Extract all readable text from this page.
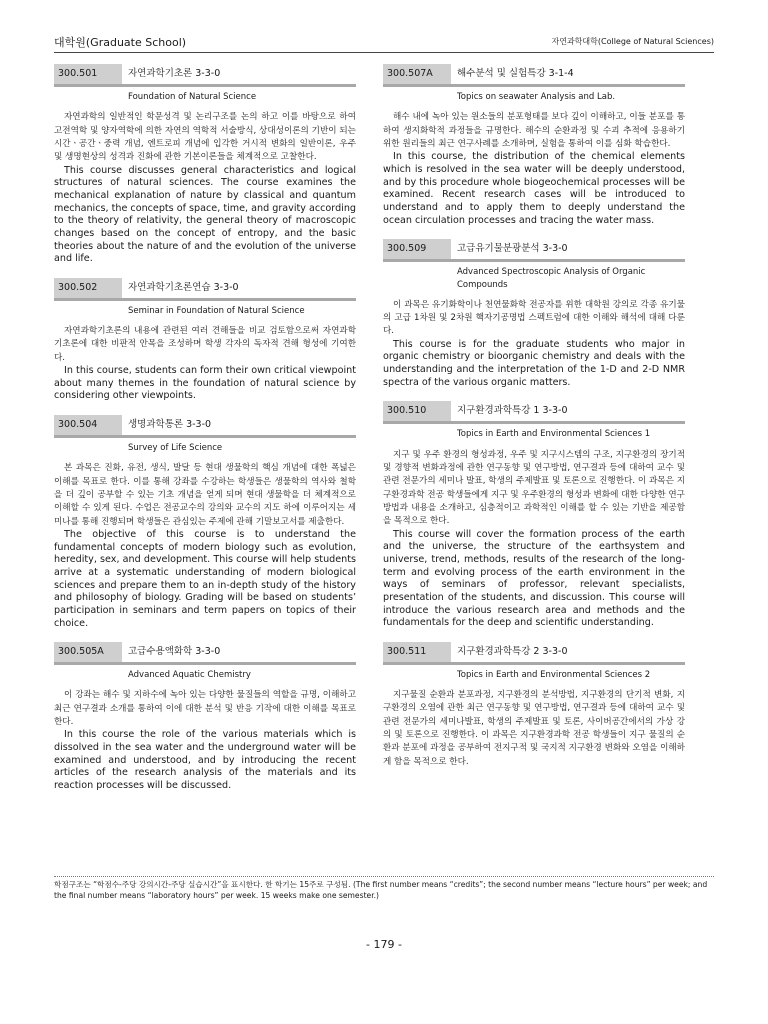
대학원(Graduate School)	자연과학대학(College of Natural Sciences)
300.501	자연과학기초론 3-3-0
Foundation of Natural Science

자연과학의 일반적인 학문성격 및 논리구조를 논의 하고 이를 바탕으로 하여 고전역학 및 양자역학에 의한 자연의 역학적 서술방식, 상대성이론의 기반이 되는 시간ㆍ공간ㆍ중력 개념, 엔트로피 개념에 입각한 거시적 변화의 일반이론, 우주 및 생명현상의 성격과 진화에 관한 기본이론들을 체계적으로 고찰한다.

This course discusses general characteristics and logical structures of natural sciences. The course examines the mechanical explanation of nature by classical and quantum mechanics, the concepts of space, time, and gravity according to the theory of relativity, the general theory of macroscopic changes based on the concept of entropy, and the basic theories about the nature of and the evolution of the universe and life.

300.502	자연과학기초론연습 3-3-0
Seminar in Foundation of Natural Science

자연과학기초론의 내용에 관련된 여러 견해들을 비교 검토함으로써 자연과학기초론에 대한 비판적 안목을 조성하며 학생 각자의 독자적 견해 형성에 기여한다.

In this course, students can form their own critical viewpoint about many themes in the foundation of natural science by considering other viewpoints.

300.504	생명과학통론 3-3-0
Survey of Life Science

본 과목은 진화, 유전, 생식, 발달 등 현대 생물학의 핵심 개념에 대한 폭넓은 이해를 목표로 한다. 이를 통해 강좌를 수강하는 학생들은 생물학의 역사와 철학을 더 깊이 공부할 수 있는 기초 개념을 얻게 되며 현대 생물학을 더 체계적으로 이해할 수 있게 된다. 수업은 전공교수의 강의와 교수의 지도 하에 이루어지는 세미나를 통해 진행되며 학생들은 관심있는 주제에 관해 기말보고서를 제출한다.

The objective of this course is to understand the fundamental concepts of modern biology such as evolution, heredity, sex, and development. This course will help students arrive at a systematic understanding of modern biological sciences and prepare them to an in-depth study of the history and philosophy of biology. Grading will be based on students’ participation in seminars and term papers on topics of their choice.

300.505A	고급수용액화학 3-3-0
Advanced Aquatic Chemistry

이 강좌는 해수 및 지하수에 녹아 있는 다양한 물질들의 역할을 규명, 이해하고 최근 연구결과 소개를 통하여 이에 대한 분석 및 반응 기작에 대한 이해를 목표로 한다.

In this course the role of the various materials which is dissolved in the sea water and the underground water will be examined and understood, and by introducing the recent articles of the research analysis of the materials and its reaction processes will be discussed.

300.507A	해수분석 및 실험특강 3-1-4
Topics on seawater Analysis and Lab.

해수 내에 녹아 있는 원소들의 분포형태를 보다 깊이 이해하고, 이들 분포를 통하여 생지화학적 과정들을 규명한다. 해수의 순환과정 및 수괴 추적에 응용하기 위한 원리들의 최근 연구사례를 소개하며, 실험을 통하여 이를 심화 학습한다.

In this course, the distribution of the chemical elements which is resolved in the sea water will be deeply understood, and by this procedure whole biogeochemical processes will be examined. Recent research cases will be introduced to understand and to apply them to deeply understand the ocean circulation processes and tracing the water mass.

300.509	고급유기물분광분석 3-3-0
Advanced Spectroscopic Analysis of Organic Compounds

이 과목은 유기화학이나 천연물화학 전공자를 위한 대학원 강의로 각종 유기물의 고급 1차원 및 2차원 핵자기공명법 스펙트럼에 대한 이해와 해석에 대해 다룬다.

This course is for the graduate students who major in organic chemistry or bioorganic chemistry and deals with the understanding and the interpretation of the 1-D and 2-D NMR spectra of the various organic matters.

300.510	지구환경과학특강 1 3-3-0
Topics in Earth and Environmental Sciences 1

지구 및 우주 환경의 형성과정, 우주 및 지구시스템의 구조, 지구환경의 장기적 및 경향적 변화과정에 관한 연구동향 및 연구방법, 연구결과 등에 대하여 교수 및 관련 전문가의 세미나 발표, 학생의 주제발표 및 토론으로 진행한다. 이 과목은 지구환경과학 전공 학생들에게 지구 및 우주환경의 형성과 변화에 대한 다양한 연구방법과 내용을 소개하고, 심층적이고 과학적인 이해를 할 수 있는 기반을 제공함을 목적으로 한다.

This course will cover the formation process of the earth and the universe, the structure of the earthsystem and universe, trend, methods, results of the research of the long-term and evolving process of the earth environment in the ways of seminars of professor, relevant specialists, presentation of the students, and discussion. This course will introduce the various research area and methods and the fundamentals for the deep and scientific understanding.

300.511	지구환경과학특강 2 3-3-0
Topics in Earth and Environmental Sciences 2

지구물질 순환과 분포과정, 지구환경의 분석방법, 지구환경의 단기적 변화, 지구환경의 오염에 관한 최근 연구동향 및 연구방법, 연구결과 등에 대하여 교수 및 관련 전문가의 세미나발표, 학생의 주제발표 및 토론, 사이버공간에서의 가상 강의 및 토론으로 진행한다. 이 과목은 지구환경과학 전공 학생들이 지구 물질의 순환과 분포에 과정을 공부하여 전지구적 및 국지적 지구환경 변화와 오염을 이해하게 함을 목적으로 한다.

학점구조는 “학점수-주당 강의시간-주당 실습시간”을 표시한다. 한 학기는 15주로 구성됨. (The first number means “credits”; the second number means “lecture hours” per week; and the final number means “laboratory hours” per week. 15 weeks make one semester.)
- 179 -
